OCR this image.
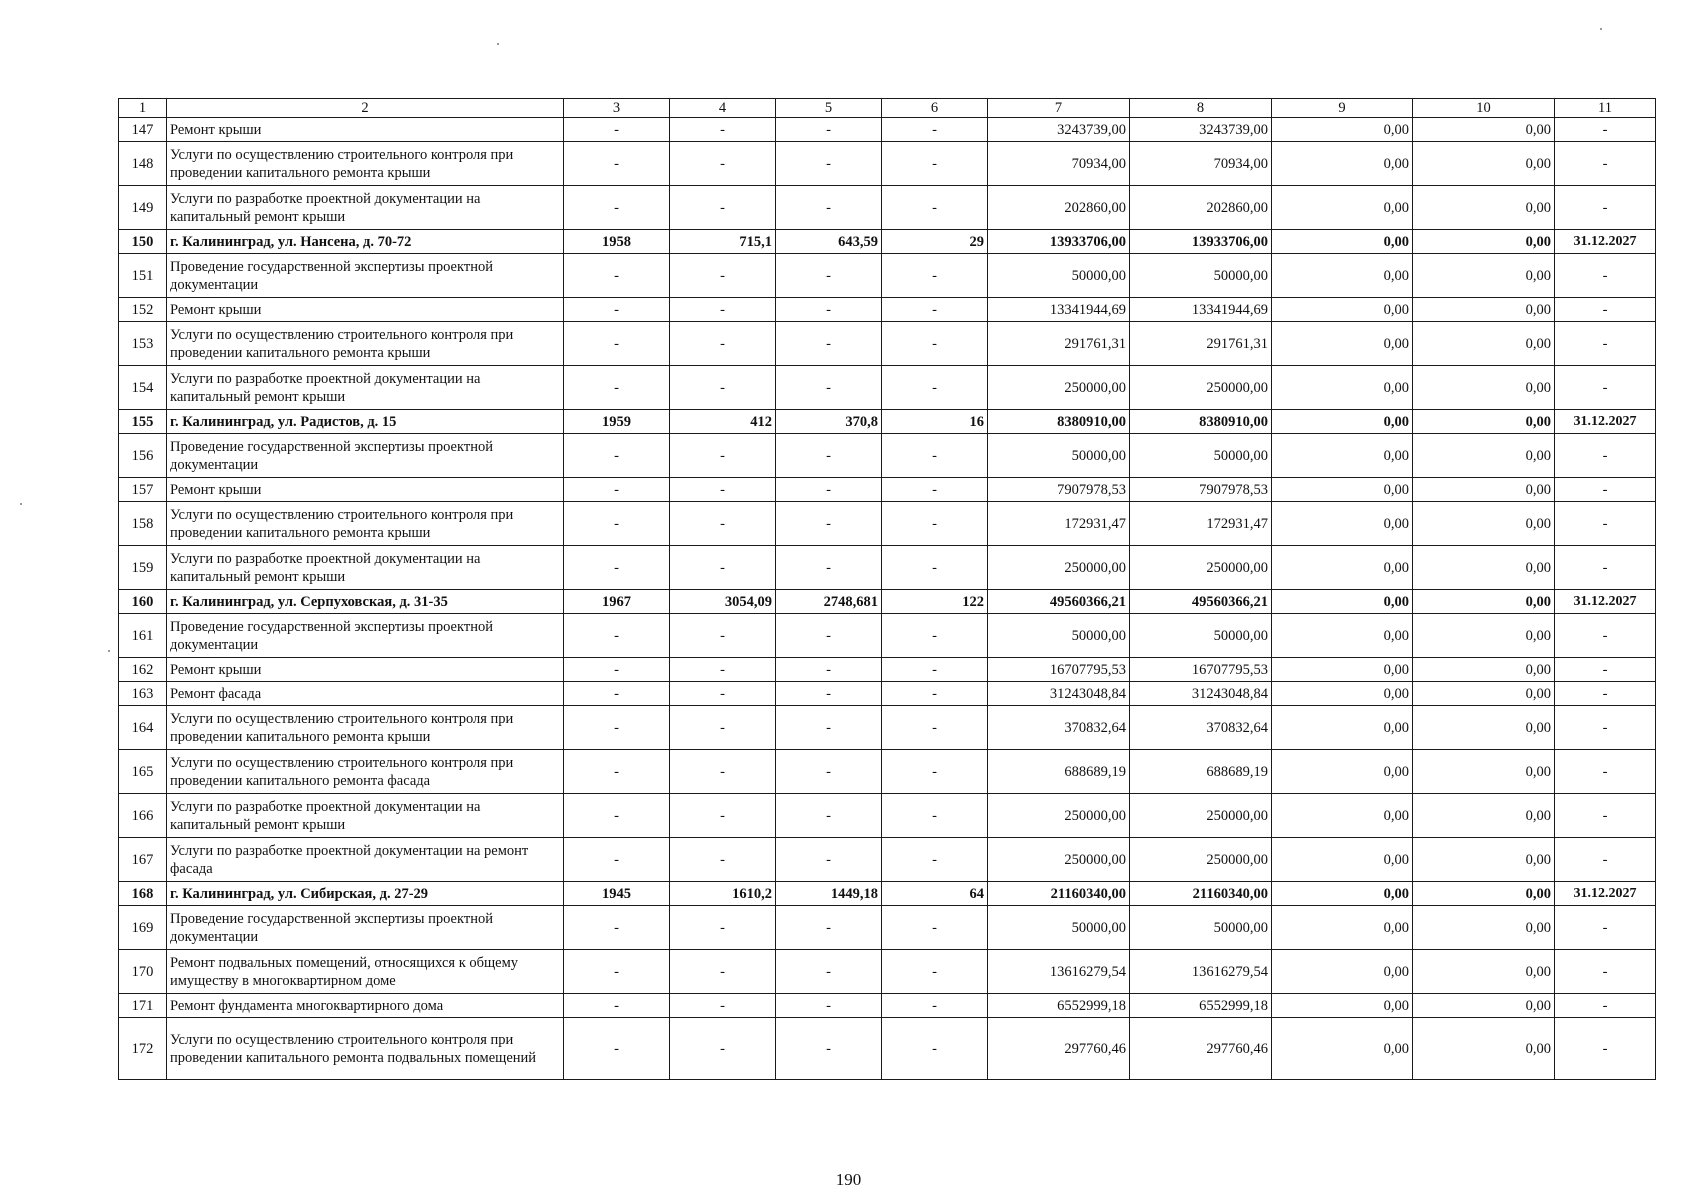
1	2	3	4	5	6	7	8	9	10	11
147	Ремонт крыши	-	-	-	-	3243739,00	3243739,00	0,00	0,00	-
148	Услуги по осуществлению строительного контроля при проведении капитального ремонта крыши	-	-	-	-	70934,00	70934,00	0,00	0,00	-
149	Услуги по разработке проектной документации на капитальный ремонт крыши	-	-	-	-	202860,00	202860,00	0,00	0,00	-
150	г. Калининград, ул. Нансена, д. 70-72	1958	715,1	643,59	29	13933706,00	13933706,00	0,00	0,00	31.12.2027
151	Проведение государственной экспертизы проектной документации	-	-	-	-	50000,00	50000,00	0,00	0,00	-
152	Ремонт крыши	-	-	-	-	13341944,69	13341944,69	0,00	0,00	-
153	Услуги по осуществлению строительного контроля при проведении капитального ремонта крыши	-	-	-	-	291761,31	291761,31	0,00	0,00	-
154	Услуги по разработке проектной документации на капитальный ремонт крыши	-	-	-	-	250000,00	250000,00	0,00	0,00	-
155	г. Калининград, ул. Радистов, д. 15	1959	412	370,8	16	8380910,00	8380910,00	0,00	0,00	31.12.2027
156	Проведение государственной экспертизы проектной документации	-	-	-	-	50000,00	50000,00	0,00	0,00	-
157	Ремонт крыши	-	-	-	-	7907978,53	7907978,53	0,00	0,00	-
158	Услуги по осуществлению строительного контроля при проведении капитального ремонта крыши	-	-	-	-	172931,47	172931,47	0,00	0,00	-
159	Услуги по разработке проектной документации на капитальный ремонт крыши	-	-	-	-	250000,00	250000,00	0,00	0,00	-
160	г. Калининград, ул. Серпуховская, д. 31-35	1967	3054,09	2748,681	122	49560366,21	49560366,21	0,00	0,00	31.12.2027
161	Проведение государственной экспертизы проектной документации	-	-	-	-	50000,00	50000,00	0,00	0,00	-
162	Ремонт крыши	-	-	-	-	16707795,53	16707795,53	0,00	0,00	-
163	Ремонт фасада	-	-	-	-	31243048,84	31243048,84	0,00	0,00	-
164	Услуги по осуществлению строительного контроля при проведении капитального ремонта крыши	-	-	-	-	370832,64	370832,64	0,00	0,00	-
165	Услуги по осуществлению строительного контроля при проведении капитального ремонта фасада	-	-	-	-	688689,19	688689,19	0,00	0,00	-
166	Услуги по разработке проектной документации на капитальный ремонт крыши	-	-	-	-	250000,00	250000,00	0,00	0,00	-
167	Услуги по разработке проектной документации на ремонт фасада	-	-	-	-	250000,00	250000,00	0,00	0,00	-
168	г. Калининград, ул. Сибирская, д. 27-29	1945	1610,2	1449,18	64	21160340,00	21160340,00	0,00	0,00	31.12.2027
169	Проведение государственной экспертизы проектной документации	-	-	-	-	50000,00	50000,00	0,00	0,00	-
170	Ремонт подвальных помещений, относящихся к общему имуществу в многоквартирном доме	-	-	-	-	13616279,54	13616279,54	0,00	0,00	-
171	Ремонт фундамента многоквартирного дома	-	-	-	-	6552999,18	6552999,18	0,00	0,00	-
172	Услуги по осуществлению строительного контроля при проведении капитального ремонта подвальных помещений	-	-	-	-	297760,46	297760,46	0,00	0,00	-
190
